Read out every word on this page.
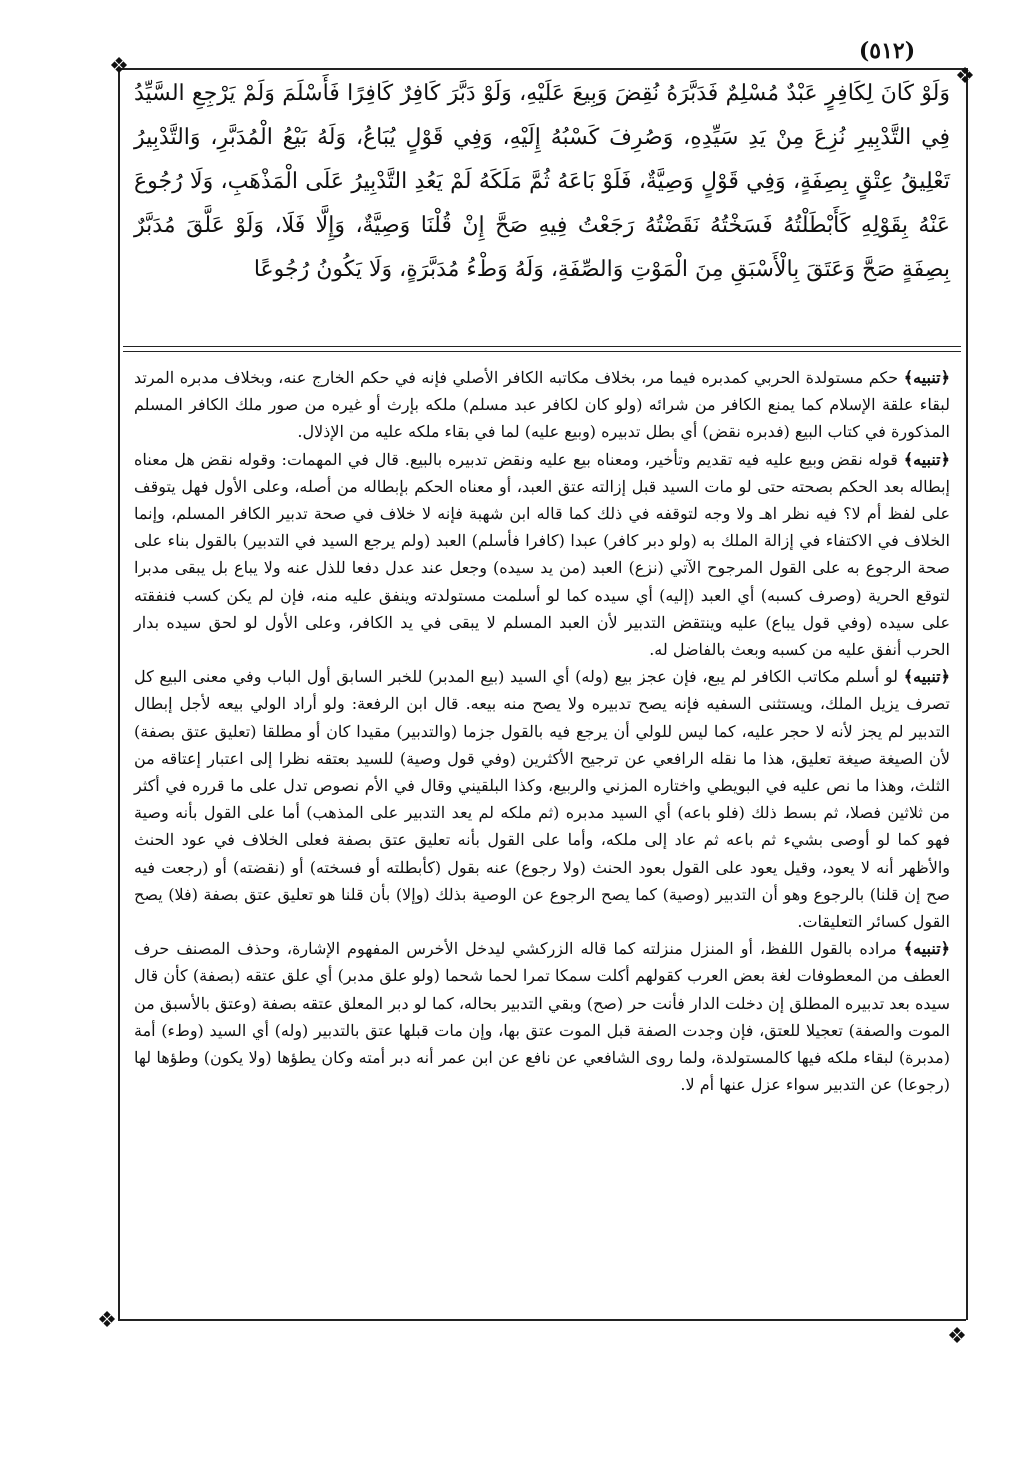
(٥١٢)
❖	❖
❖
❖

وَلَوْ كَانَ لِكَافِرٍ عَبْدٌ مُسْلِمٌ فَدَبَّرَهُ نُقِضَ وَبِيعَ عَلَيْهِ، وَلَوْ دَبَّرَ كَافِرٌ كَافِرًا فَأَسْلَمَ وَلَمْ يَرْجِعِ السَّيِّدُ فِي التَّدْبِيرِ نُزِعَ مِنْ يَدِ سَيِّدِهِ، وَصُرِفَ كَسْبُهُ إِلَيْهِ، وَفِي قَوْلٍ يُبَاعُ، وَلَهُ بَيْعُ الْمُدَبَّرِ، وَالتَّدْبِيرُ تَعْلِيقُ عِتْقٍ بِصِفَةٍ، وَفِي قَوْلٍ وَصِيَّةٌ، فَلَوْ بَاعَهُ ثُمَّ مَلَكَهُ لَمْ يَعُدِ التَّدْبِيرُ عَلَى الْمَذْهَبِ، وَلَا رُجُوعَ عَنْهُ بِقَوْلِهِ كَأَبْطَلْتُهُ فَسَخْتُهُ نَقَضْتُهُ رَجَعْتُ فِيهِ صَحَّ إِنْ قُلْنَا وَصِيَّةٌ، وَإِلَّا فَلَا، وَلَوْ عَلَّقَ مُدَبَّرٌ بِصِفَةٍ صَحَّ وَعَتَقَ بِالْأَسْبَقِ مِنَ الْمَوْتِ وَالصِّفَةِ، وَلَهُ وَطْءُ مُدَبَّرَةٍ، وَلَا يَكُونُ رُجُوعًا

﴿ تنبيه ﴾ حكم مستولدة الحربي كمدبره فيما مر، بخلاف مكاتبه الكافر الأصلي فإنه في حكم الخارج عنه، وبخلاف مدبره المرتد لبقاء علقة الإسلام كما يمنع الكافر من شرائه (ولو كان لكافر عبد مسلم) ملكه بإرث أو غيره من صور ملك الكافر المسلم المذكورة في كتاب البيع (فدبره نقض) أي بطل تدبيره (وبيع عليه) لما في بقاء ملكه عليه من الإذلال.

﴿ تنبيه ﴾ قوله نقض وبيع عليه فيه تقديم وتأخير، ومعناه بيع عليه ونقض تدبيره بالبيع. قال في المهمات: وقوله نقض هل معناه إبطاله بعد الحكم بصحته حتى لو مات السيد قبل إزالته عتق العبد، أو معناه الحكم بإبطاله من أصله، وعلى الأول فهل يتوقف على لفظ أم لا؟ فيه نظر اهـ ولا وجه لتوقفه في ذلك كما قاله ابن شهبة فإنه لا خلاف في صحة تدبير الكافر المسلم، وإنما الخلاف في الاكتفاء في إزالة الملك به (ولو دبر كافر) عبدا (كافرا فأسلم) العبد (ولم يرجع السيد في التدبير) بالقول بناء على صحة الرجوع به على القول المرجوح الآتي (نزع) العبد (من يد سيده) وجعل عند عدل دفعا للذل عنه ولا يباع بل يبقى مدبرا لتوقع الحرية (وصرف كسبه) أي العبد (إليه) أي سيده كما لو أسلمت مستولدته وينفق عليه منه، فإن لم يكن كسب فنفقته على سيده (وفي قول يباع) عليه وينتقض التدبير لأن العبد المسلم لا يبقى في يد الكافر، وعلى الأول لو لحق سيده بدار الحرب أنفق عليه من كسبه وبعث بالفاضل له.

﴿ تنبيه ﴾ لو أسلم مكاتب الكافر لم يبع، فإن عجز بيع (وله) أي السيد (بيع المدبر) للخبر السابق أول الباب وفي معنى البيع كل تصرف يزيل الملك، ويستثنى السفيه فإنه يصح تدبيره ولا يصح منه بيعه. قال ابن الرفعة: ولو أراد الولي بيعه لأجل إبطال التدبير لم يجز لأنه لا حجر عليه، كما ليس للولي أن يرجع فيه بالقول جزما (والتدبير) مقيدا كان أو مطلقا (تعليق عتق بصفة) لأن الصيغة صيغة تعليق، هذا ما نقله الرافعي عن ترجيح الأكثرين (وفي قول وصية) للسيد بعتقه نظرا إلى اعتبار إعتاقه من الثلث، وهذا ما نص عليه في البويطي واختاره المزني والربيع، وكذا البلقيني وقال في الأم نصوص تدل على ما قرره في أكثر من ثلاثين فصلا، ثم بسط ذلك (فلو باعه) أي السيد مدبره (ثم ملكه لم يعد التدبير على المذهب) أما على القول بأنه وصية فهو كما لو أوصى بشيء ثم باعه ثم عاد إلى ملكه، وأما على القول بأنه تعليق عتق بصفة فعلى الخلاف في عود الحنث والأظهر أنه لا يعود، وقيل يعود على القول بعود الحنث (ولا رجوع) عنه بقول (كأبطلته أو فسخته) أو (نقضته) أو (رجعت فيه صح إن قلنا) بالرجوع وهو أن التدبير (وصية) كما يصح الرجوع عن الوصية بذلك (وإلا) بأن قلنا هو تعليق عتق بصفة (فلا) يصح القول كسائر التعليقات.

﴿ تنبيه ﴾ مراده بالقول اللفظ، أو المنزل منزلته كما قاله الزركشي ليدخل الأخرس المفهوم الإشارة، وحذف المصنف حرف العطف من المعطوفات لغة بعض العرب كقولهم أكلت سمكا تمرا لحما شحما (ولو علق مدبر) أي علق عتقه (بصفة) كأن قال سيده بعد تدبيره المطلق إن دخلت الدار فأنت حر (صح) وبقي التدبير بحاله، كما لو دبر المعلق عتقه بصفة (وعتق بالأسبق من الموت والصفة) تعجيلا للعتق، فإن وجدت الصفة قبل الموت عتق بها، وإن مات قبلها عتق بالتدبير (وله) أي السيد (وطء) أمة (مدبرة) لبقاء ملكه فيها كالمستولدة، ولما روى الشافعي عن نافع عن ابن عمر أنه دبر أمته وكان يطؤها (ولا يكون) وطؤها لها (رجوعا) عن التدبير سواء عزل عنها أم لا.
